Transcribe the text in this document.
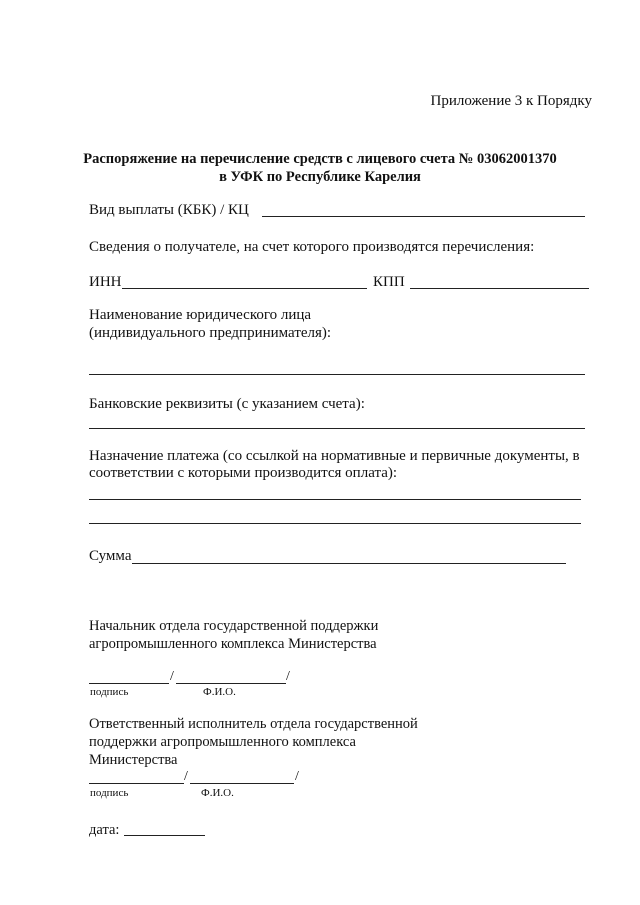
Приложение 3 к Порядку
Распоряжение на перечисление средств с лицевого счета № 03062001370
в УФК по Республике Карелия
Вид выплаты (КБК) / КЦ
Сведения о получателе, на счет которого производятся перечисления:
ИНН	КПП
Наименование юридического лица
(индивидуального предпринимателя):
Банковские реквизиты (с указанием счета):
Назначение платежа (со ссылкой на нормативные и первичные документы, в
соответствии с которыми производится оплата):
Сумма
Начальник отдела государственной поддержки
агропромышленного комплекса Министерства
/	/
подпись	Ф.И.О.
Ответственный исполнитель отдела государственной
поддержки агропромышленного комплекса
Министерства
/	/
подпись	Ф.И.О.
дата:
